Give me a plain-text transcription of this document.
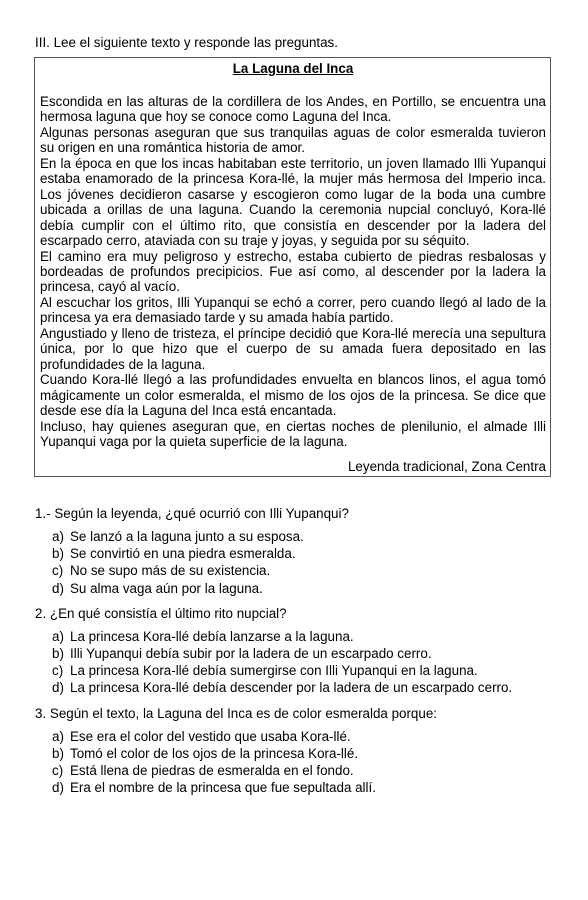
III. Lee el siguiente texto y responde las preguntas.

La Laguna del Inca

Escondida en las alturas de la cordillera de los Andes, en Portillo, se encuentra una hermosa laguna que hoy se conoce como Laguna del Inca.

Algunas personas aseguran que sus tranquilas aguas de color esmeralda tuvieron su origen en una romántica historia de amor.

En la época en que los incas habitaban este territorio, un joven llamado Illi Yupanqui estaba enamorado de la princesa Kora-llé, la mujer más hermosa del Imperio inca. Los jóvenes decidieron casarse y escogieron como lugar de la boda una cumbre ubicada a orillas de una laguna. Cuando la ceremonia nupcial concluyó, Kora-llé debía cumplir con el último rito, que consistía en descender por la ladera del escarpado cerro, ataviada con su traje y joyas, y seguida por su séquito.

El camino era muy peligroso y estrecho, estaba cubierto de piedras resbalosas y bordeadas de profundos precipicios. Fue así como, al descender por la ladera la princesa, cayó al vacío.

Al escuchar los gritos, Illi Yupanqui se echó a correr, pero cuando llegó al lado de la princesa ya era demasiado tarde y su amada había partido.

Angustiado y lleno de tristeza, el príncipe decidió que Kora-llé merecía una sepultura única, por lo que hizo que el cuerpo de su amada fuera depositado en las profundidades de la laguna.

Cuando Kora-llé llegó a las profundidades envuelta en blancos linos, el agua tomó mágicamente un color esmeralda, el mismo de los ojos de la princesa. Se dice que desde ese día la Laguna del Inca está encantada.

Incluso, hay quienes aseguran que, en ciertas noches de plenilunio, el almade Illi Yupanqui vaga por la quieta superficie de la laguna.

Leyenda tradicional, Zona Centra

1.- Según la leyenda, ¿qué ocurrió con Illi Yupanqui?

a) Se lanzó a la laguna junto a su esposa.
b) Se convirtió en una piedra esmeralda.
c) No se supo más de su existencia.
d) Su alma vaga aún por la laguna.

2. ¿En qué consistía el último rito nupcial?

a) La princesa Kora-llé debía lanzarse a la laguna.
b) Illi Yupanqui debía subir por la ladera de un escarpado cerro.
c) La princesa Kora-llé debía sumergirse con Illi Yupanqui en la laguna.
d) La princesa Kora-llé debía descender por la ladera de un escarpado cerro.

3. Según el texto, la Laguna del Inca es de color esmeralda porque:

a) Ese era el color del vestido que usaba Kora-llé.
b) Tomó el color de los ojos de la princesa Kora-llé.
c) Está llena de piedras de esmeralda en el fondo.
d) Era el nombre de la princesa que fue sepultada allí.
